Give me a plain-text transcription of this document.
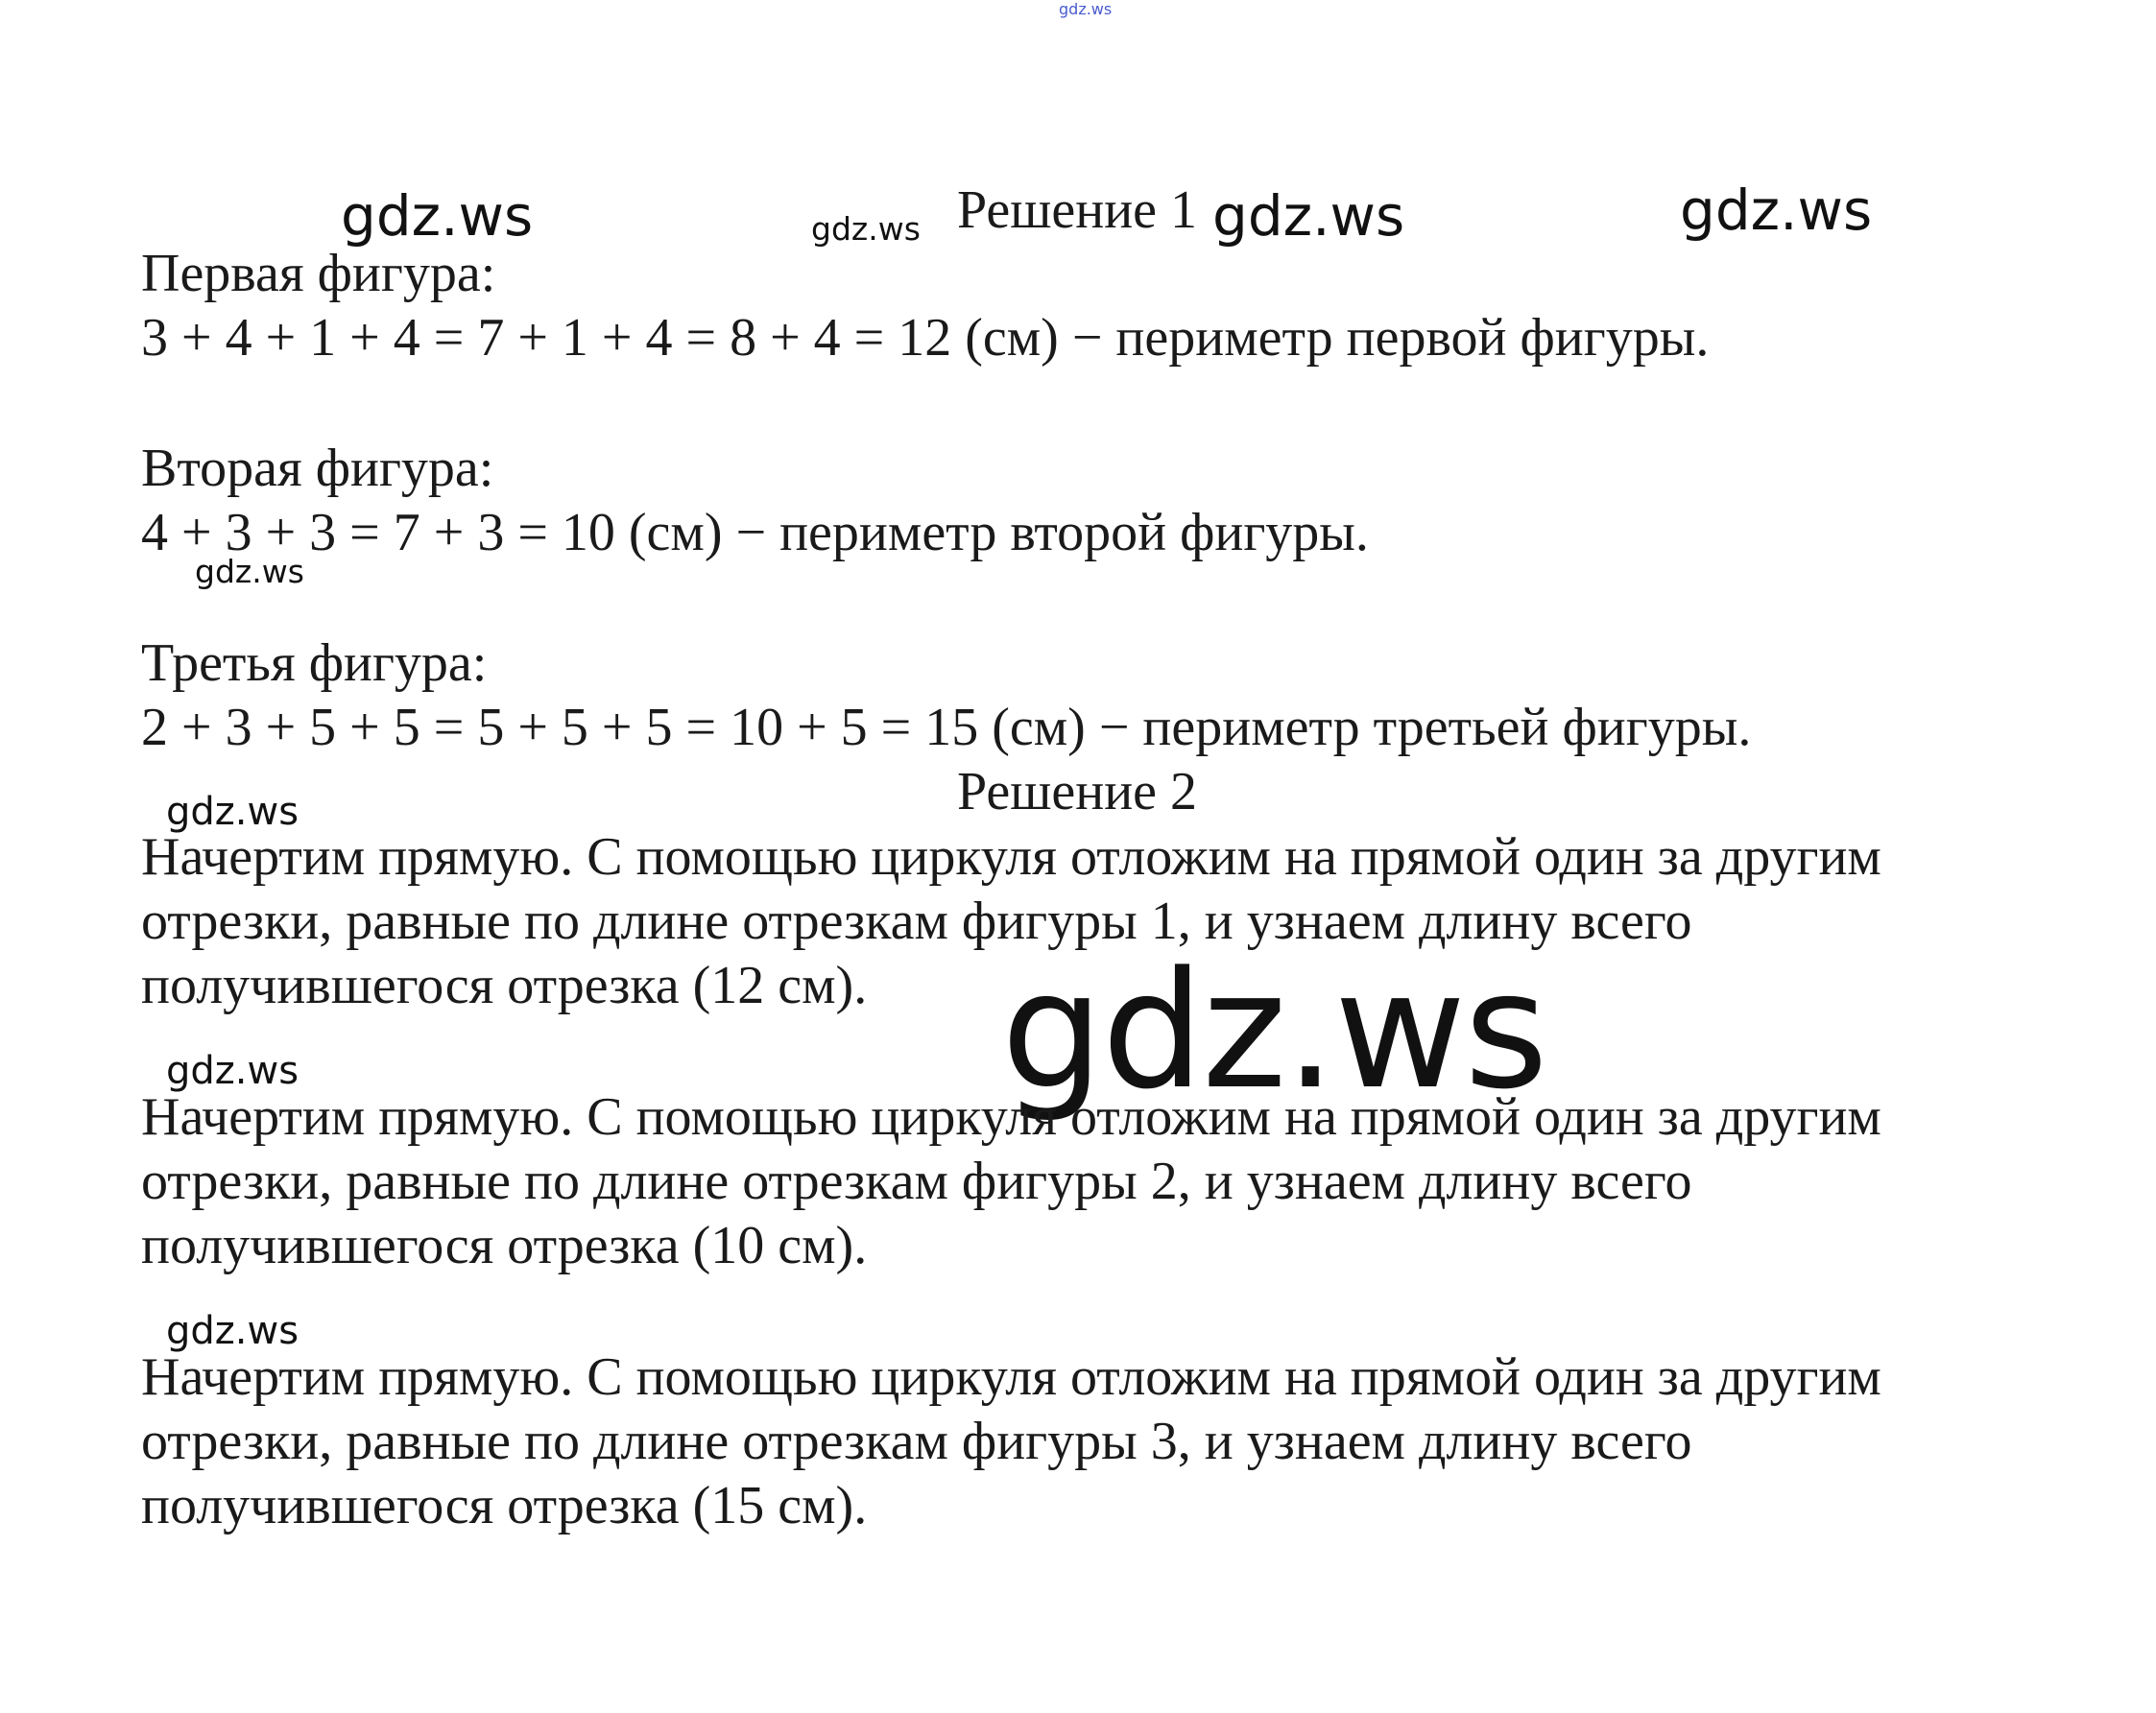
gdz.ws
gdz.ws	gdz.ws	gdz.ws	gdz.ws
gdz.ws
gdz.ws
gdz.ws
gdz.ws
gdz.ws
Решение 1
Первая фигура:
3 + 4 + 1 + 4 = 7 + 1 + 4 = 8 + 4 = 12 (см) − периметр первой фигуры.
Вторая фигура:
4 + 3 + 3 = 7 + 3 = 10 (см) − периметр второй фигуры.
Третья фигура:
2 + 3 + 5 + 5 = 5 + 5 + 5 = 10 + 5 = 15 (см) − периметр третьей фигуры.
Решение 2
Начертим прямую. С помощью циркуля отложим на прямой один за другим
отрезки, равные по длине отрезкам фигуры 1, и узнаем длину всего
получившегося отрезка (12 см).
Начертим прямую. С помощью циркуля отложим на прямой один за другим
отрезки, равные по длине отрезкам фигуры 2, и узнаем длину всего
получившегося отрезка (10 см).
Начертим прямую. С помощью циркуля отложим на прямой один за другим
отрезки, равные по длине отрезкам фигуры 3, и узнаем длину всего
получившегося отрезка (15 см).
